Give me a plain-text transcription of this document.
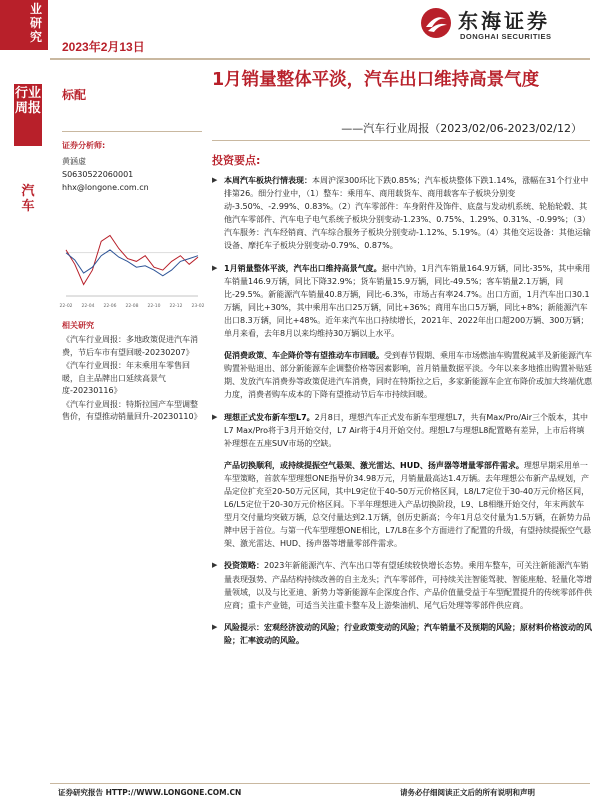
业研究
2023年2月13日
东海证券
DONGHAI SECURITIES
行业周报
汽车
标配
证券分析师:
黄涵虚
S0630522060001
hhx@longone.com.cn
22-02 22-04 22-06 22-08 22-10 22-12 23-02
相关研究
《汽车行业周报：多地政策促进汽车消费，节后车市有望回暖-20230207》
《汽车行业周报：年末乘用车零售回暖，自主品牌出口延续高景气度-20230116》
《汽车行业周报：特斯拉国产车型调整售价，有望推动销量回升-20230110》
1月销量整体平淡，汽车出口维持高景气度
——汽车行业周报（2023/02/06-2023/02/12）
投资要点:
▶ 本周汽车板块行情表现：本周沪深300环比下跌0.85%；汽车板块整体下跌1.14%，涨幅在31个行业中排第26。细分行业中，（1）整车：乘用车、商用载货车、商用载客车子板块分别变动-3.50%、-2.99%、0.83%。（2）汽车零部件：车身附件及饰件、底盘与发动机系统、轮胎轮毂、其他汽车零部件、汽车电子电气系统子板块分别变动-1.23%、0.75%、1.29%、0.31%、-0.99%；（3）汽车服务：汽车经销商、汽车综合服务子板块分别变动-1.12%、5.19%。（4）其他交运设备：其他运输设备、摩托车子板块分别变动-0.79%、0.87%。
▶ 1月销量整体平淡，汽车出口维持高景气度。据中汽协，1月汽车销量164.9万辆，同比-35%，其中乘用车销量146.9万辆，同比下降32.9%；货车销量15.9万辆，同比-49.5%；客车销量2.1万辆，同比-29.5%。新能源汽车销量40.8万辆，同比-6.3%，市场占有率24.7%。出口方面，1月汽车出口30.1万辆，同比+30%，其中乘用车出口25万辆，同比+36%；商用车出口5万辆，同比+8%；新能源汽车出口8.3万辆，同比+48%。近年来汽车出口持续增长，2021年、2022年出口超200万辆、300万辆；单月来看，去年8月以来均维持30万辆以上水平。
促消费政策、车企降价等有望推动车市回暖。受到春节假期、乘用车市场燃油车购置税减半及新能源汽车购置补贴退出、部分新能源车企调整价格等因素影响，首月销量数据平淡。今年以来多地推出购置补贴延期、发放汽车消费券等政策促进汽车消费，同时在特斯拉之后，多家新能源车企宣布降价或加大终端优惠力度，消费者购车成本的下降有望推动节后车市持续回暖。
▶ 理想正式发布新车型L7。2月8日，理想汽车正式发布新车型理想L7，共有Max/Pro/Air三个版本，其中L7 Max/Pro将于3月开始交付，L7 Air将于4月开始交付。理想L7与理想L8配置略有差异，上市后将填补理想在五座SUV市场的空缺。
产品切换顺利，或持续提振空气悬架、激光雷达、HUD、扬声器等增量零部件需求。理想早期采用单一车型策略，首款车型理想ONE指导价34.98万元，月销量最高达1.4万辆。去年理想公布新产品规划，产品定位扩充至20-50万元区间，其中L9定位于40-50万元价格区间，L8/L7定位于30-40万元价格区间，L6/L5定位于20-30万元价格区间。下半年理想进入产品切换阶段，L9、L8相继开始交付，年末两款车型月交付量均突破万辆，总交付量达到2.1万辆，创历史新高；今年1月总交付量为1.5万辆，在新势力品牌中居于首位。与第一代车型理想ONE相比，L7/L8在多个方面进行了配置的升级，有望持续提振空气悬架、激光雷达、HUD、扬声器等增量零部件需求。
▶ 投资策略：2023年新能源汽车、汽车出口等有望延续较快增长态势。乘用车整车，可关注新能源汽车销量表现强势、产品结构持续改善的自主龙头；汽车零部件，可持续关注智能驾驶、智能座舱、轻量化等增量领域，以及与比亚迪、新势力等新能源车企深度合作、产品价值量受益于车型配置提升的传统零部件供应商；重卡产业链，可适当关注重卡整车及上游柴油机、尾气后处理等零部件供应商。
▶ 风险提示：宏观经济波动的风险；行业政策变动的风险；汽车销量不及预期的风险；原材料价格波动的风险；汇率波动的风险。
证券研究报告 HTTP://WWW.LONGONE.COM.CN	请务必仔细阅读正文后的所有说明和声明
